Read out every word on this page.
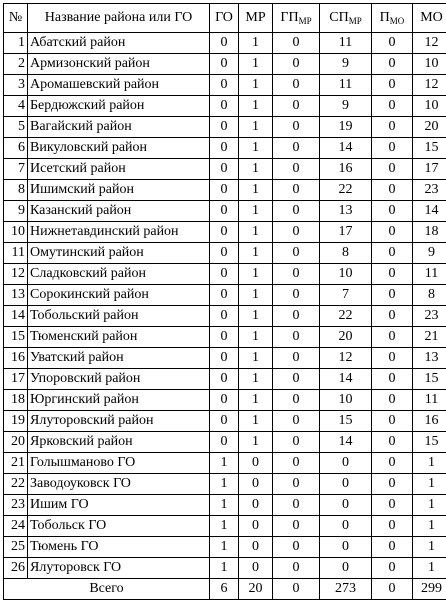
№	Название района или ГО	ГО	МР	$ГП_{МР}$	$СП_{МР}$	$П_{МО}$	МО
1	Абатский район	0	1	0	11	0	12
2	Армизонский район	0	1	0	9	0	10
3	Аромашевский район	0	1	0	11	0	12
4	Бердюжский район	0	1	0	9	0	10
5	Вагайский район	0	1	0	19	0	20
6	Викуловский район	0	1	0	14	0	15
7	Исетский район	0	1	0	16	0	17
8	Ишимский район	0	1	0	22	0	23
9	Казанский район	0	1	0	13	0	14
10	Нижнетавдинский район	0	1	0	17	0	18
11	Омутинский район	0	1	0	8	0	9
12	Сладковский район	0	1	0	10	0	11
13	Сорокинский район	0	1	0	7	0	8
14	Тобольский район	0	1	0	22	0	23
15	Тюменский район	0	1	0	20	0	21
16	Уватский район	0	1	0	12	0	13
17	Упоровский район	0	1	0	14	0	15
18	Юргинский район	0	1	0	10	0	11
19	Ялуторовский район	0	1	0	15	0	16
20	Ярковский район	0	1	0	14	0	15
21	Голышманово ГО	1	0	0	0	0	1
22	Заводоуковск ГО	1	0	0	0	0	1
23	Ишим ГО	1	0	0	0	0	1
24	Тобольск ГО	1	0	0	0	0	1
25	Тюмень ГО	1	0	0	0	0	1
26	Ялуторовск ГО	1	0	0	0	0	1
Всего		6	20	0	273	0	299
